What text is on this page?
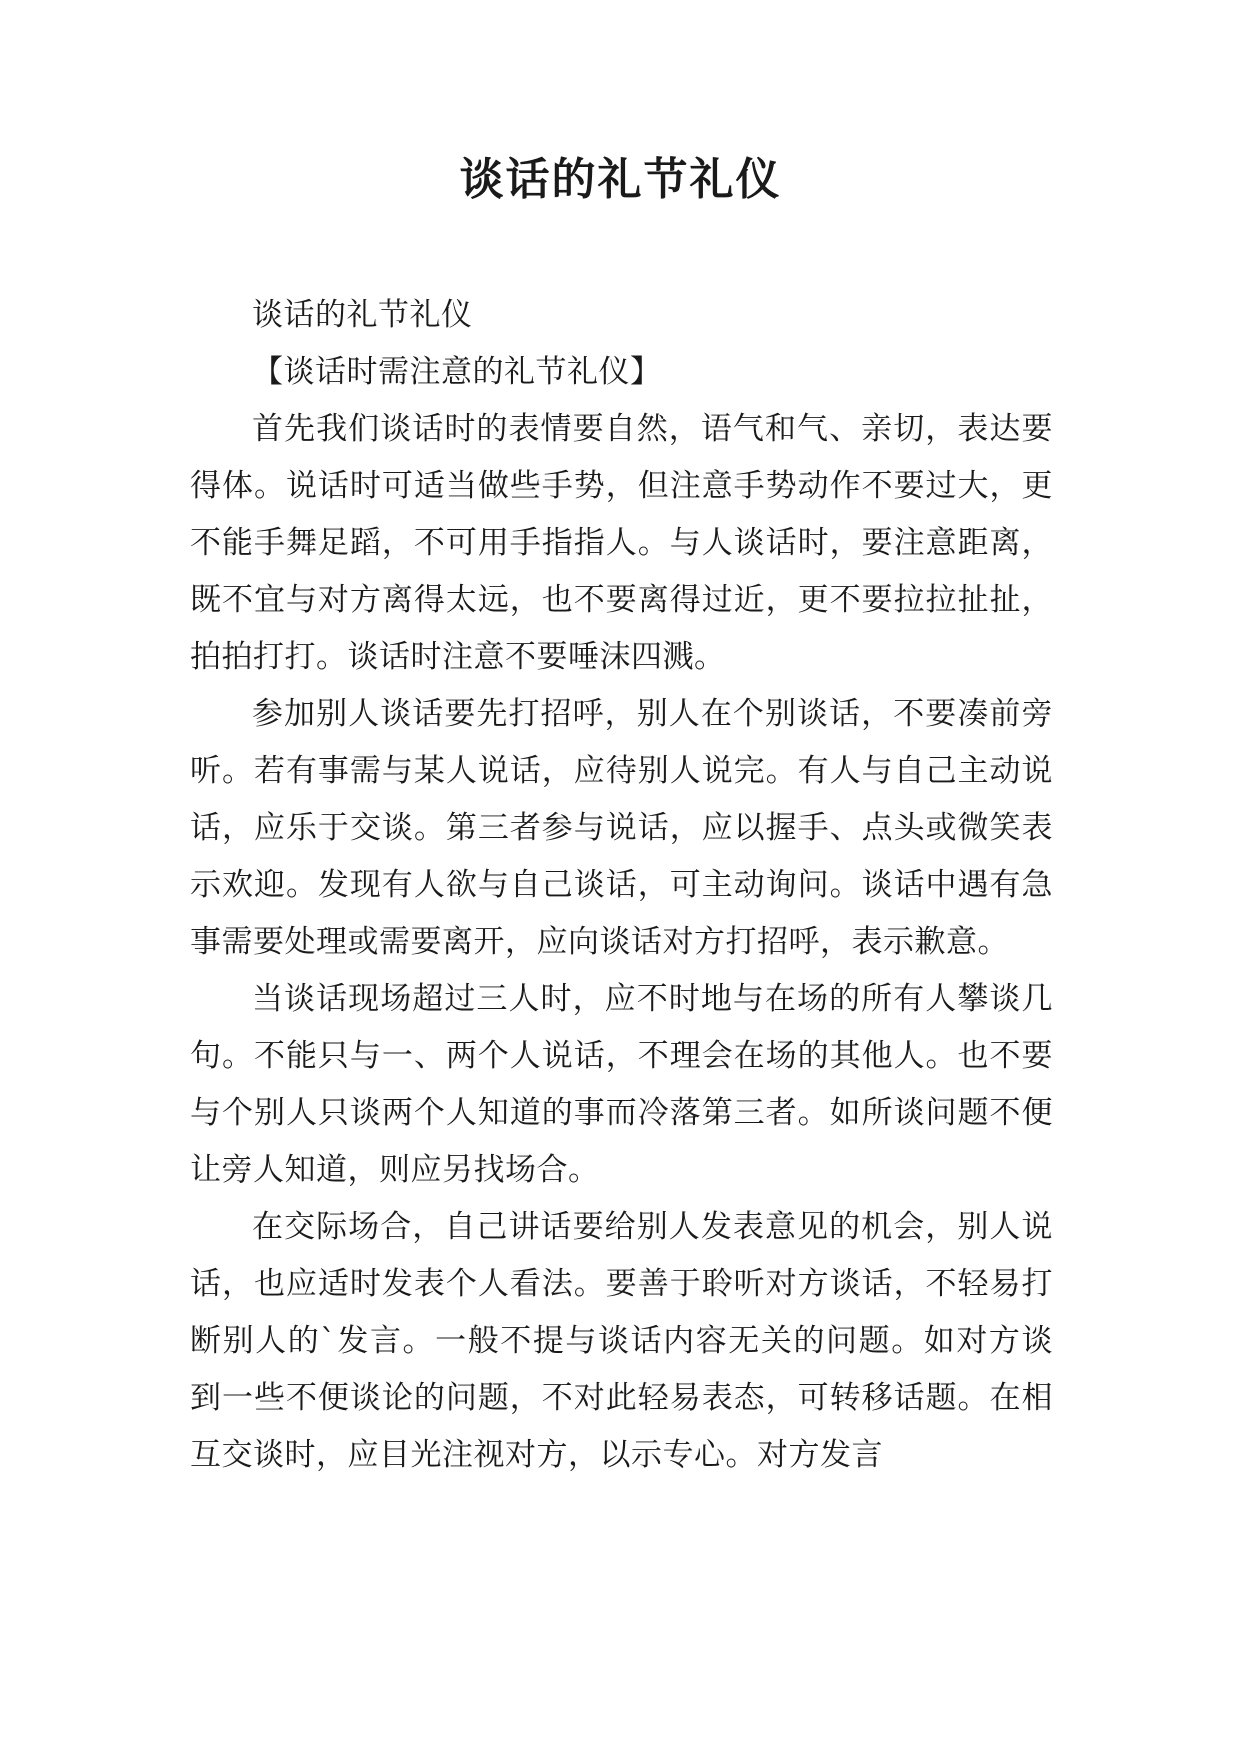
谈话的礼节礼仪

谈话的礼节礼仪

【谈话时需注意的礼节礼仪】

首先我们谈话时的表情要自然，语气和气、亲切，表达要得体。说话时可适当做些手势，但注意手势动作不要过大，更不能手舞足蹈，不可用手指指人。与人谈话时，要注意距离，既不宜与对方离得太远，也不要离得过近，更不要拉拉扯扯，拍拍打打。谈话时注意不要唾沫四溅。

参加别人谈话要先打招呼，别人在个别谈话，不要凑前旁听。若有事需与某人说话，应待别人说完。有人与自己主动说话，应乐于交谈。第三者参与说话，应以握手、点头或微笑表示欢迎。发现有人欲与自己谈话，可主动询问。谈话中遇有急事需要处理或需要离开，应向谈话对方打招呼，表示歉意。

当谈话现场超过三人时，应不时地与在场的所有人攀谈几句。不能只与一、两个人说话，不理会在场的其他人。也不要与个别人只谈两个人知道的事而冷落第三者。如所谈问题不便让旁人知道，则应另找场合。

在交际场合，自己讲话要给别人发表意见的机会，别人说话，也应适时发表个人看法。要善于聆听对方谈话，不轻易打断别人的`发言。一般不提与谈话内容无关的问题。如对方谈到一些不便谈论的问题，不对此轻易表态，可转移话题。在相互交谈时，应目光注视对方，以示专心。对方发言
